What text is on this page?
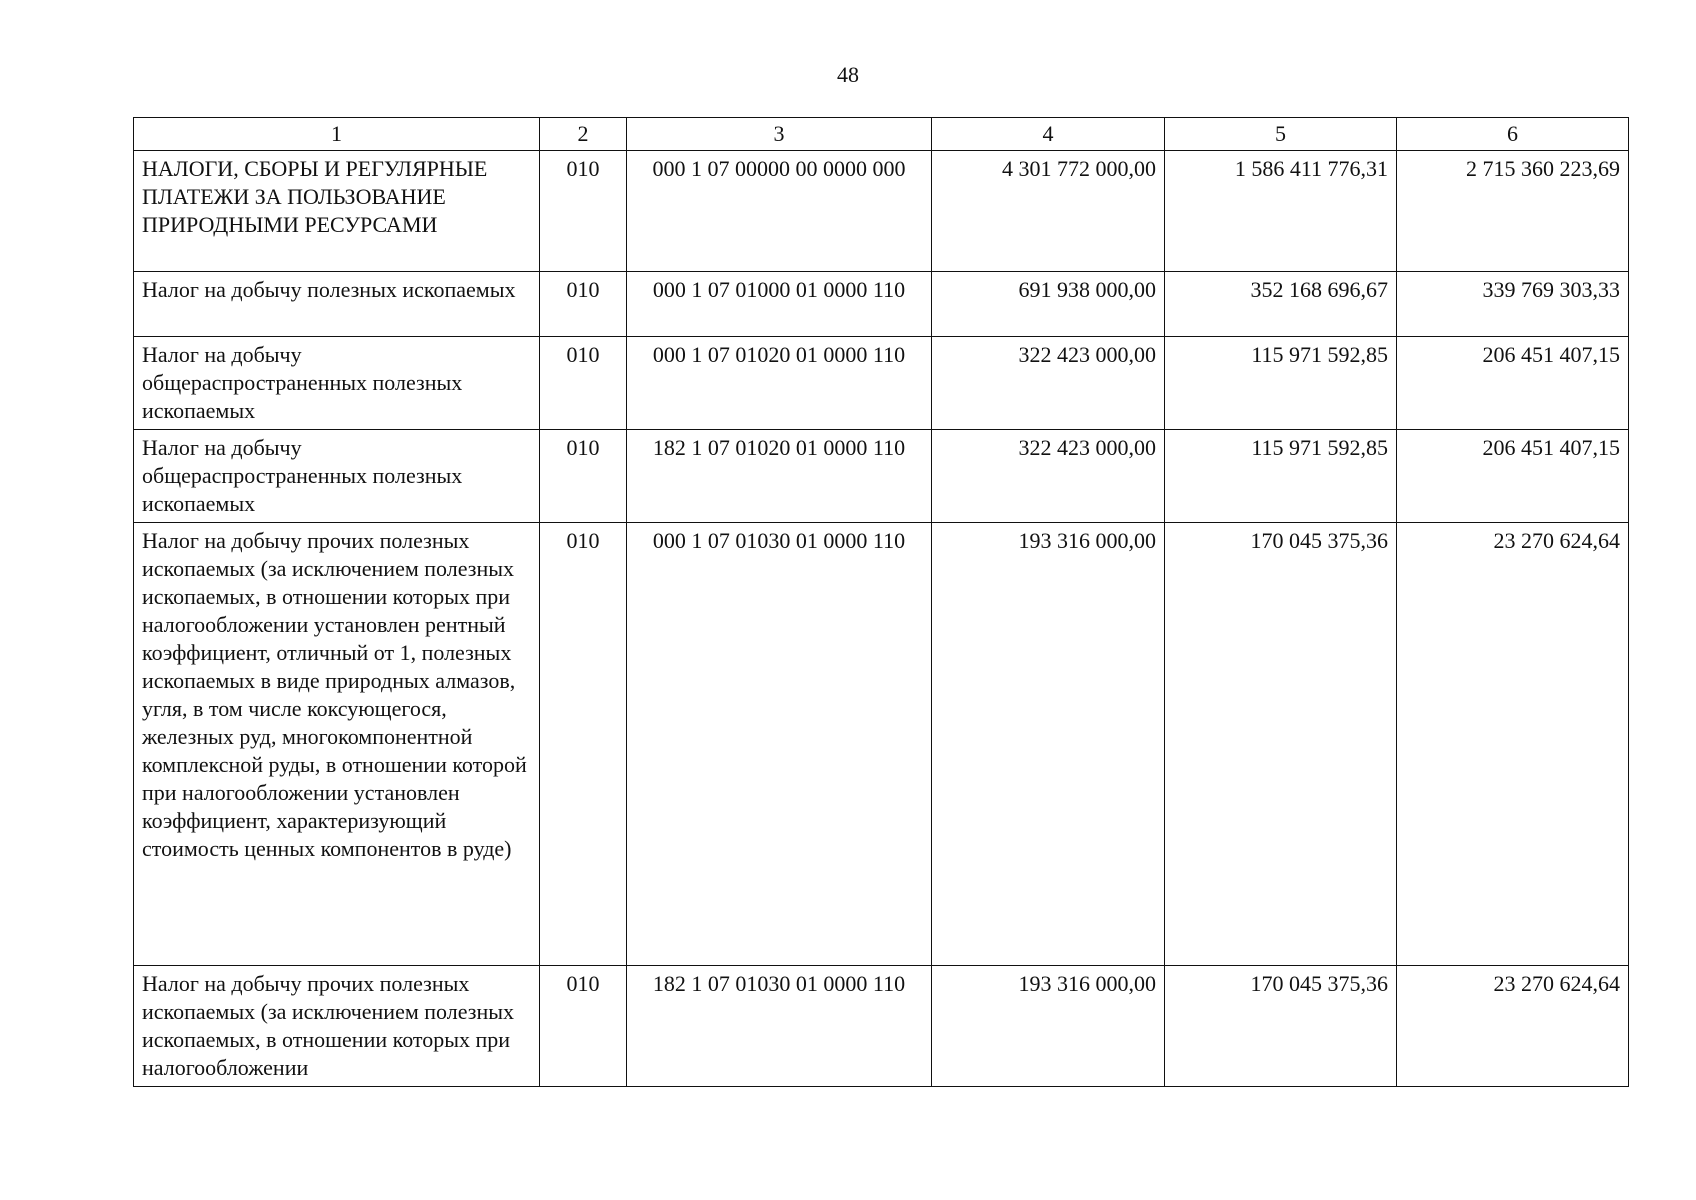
48
1	2	3	4	5	6
НАЛОГИ, СБОРЫ И РЕГУЛЯРНЫЕ ПЛАТЕЖИ ЗА ПОЛЬЗОВАНИЕ ПРИРОДНЫМИ РЕСУРСАМИ	010	000 1 07 00000 00 0000 000	4 301 772 000,00	1 586 411 776,31	2 715 360 223,69
Налог на добычу полезных ископаемых	010	000 1 07 01000 01 0000 110	691 938 000,00	352 168 696,67	339 769 303,33
Налог на добычу общераспространенных полезных ископаемых	010	000 1 07 01020 01 0000 110	322 423 000,00	115 971 592,85	206 451 407,15
Налог на добычу общераспространенных полезных ископаемых	010	182 1 07 01020 01 0000 110	322 423 000,00	115 971 592,85	206 451 407,15
Налог на добычу прочих полезных ископаемых (за исключением полезных ископаемых, в отношении которых при налогообложении установлен рентный коэффициент, отличный от 1, полезных ископаемых в виде природных алмазов, угля, в том числе коксующегося, железных руд, многокомпонентной комплексной руды, в отношении которой при налогообложении установлен коэффициент, характеризующий стоимость ценных компонентов в руде)	010	000 1 07 01030 01 0000 110	193 316 000,00	170 045 375,36	23 270 624,64
Налог на добычу прочих полезных ископаемых (за исключением полезных ископаемых, в отношении которых при налогообложении	010	182 1 07 01030 01 0000 110	193 316 000,00	170 045 375,36	23 270 624,64
